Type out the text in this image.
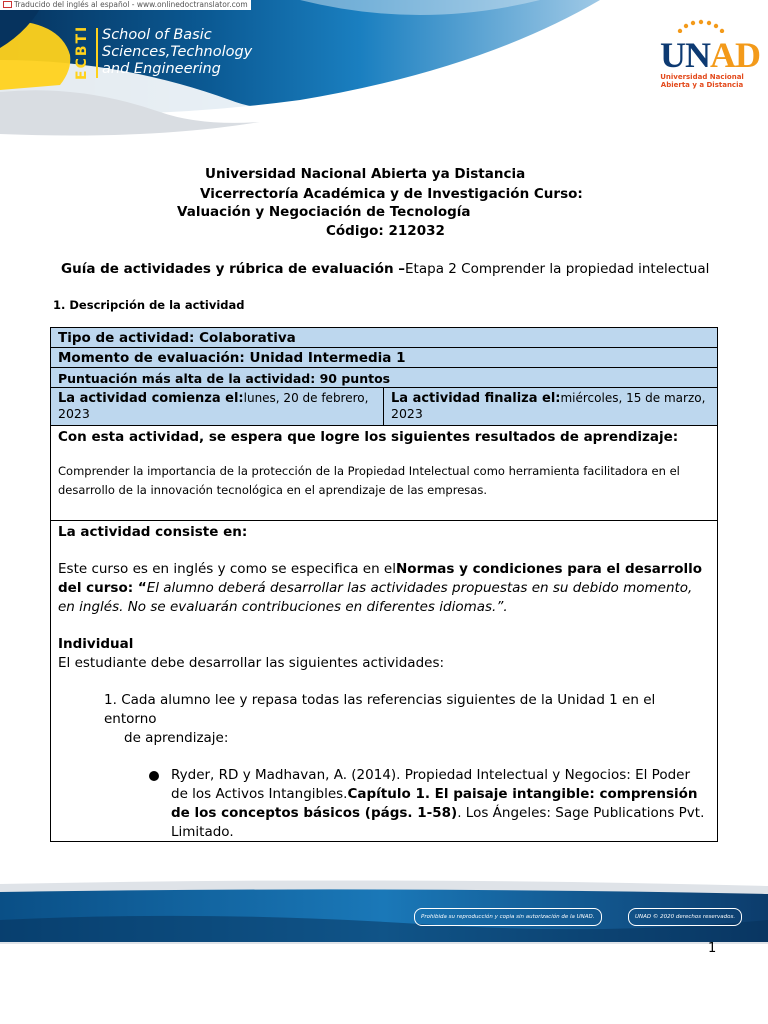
Traducido del inglés al español - www.onlinedoctranslator.com
ECBTI School of Basic
Sciences,Technology
and Engineering	UNAD
Universidad Nacional
Abierta y a Distancia
Universidad Nacional Abierta ya Distancia
Vicerrectoría Académica y de Investigación Curso:
Valuación y Negociación de Tecnología
Código: 212032
Guía de actividades y rúbrica de evaluación –Etapa 2 Comprender la propiedad intelectual
1. Descripción de la actividad
Tipo de actividad: Colaborativa
Momento de evaluación: Unidad Intermedia 1
Puntuación más alta de la actividad: 90 puntos
La actividad comienza el:lunes, 20 de febrero,
2023
La actividad finaliza el:miércoles, 15 de marzo,
2023
Con esta actividad, se espera que logre los siguientes resultados de aprendizaje:
Comprender la importancia de la protección de la Propiedad Intelectual como herramienta facilitadora en el desarrollo de la innovación tecnológica en el aprendizaje de las empresas.
La actividad consiste en:
Este curso es en inglés y como se especifica en elNormas y condiciones para el desarrollo del curso: “El alumno deberá desarrollar las actividades propuestas en su debido momento, en inglés. No se evaluarán contribuciones en diferentes idiomas.”.
Individual
El estudiante debe desarrollar las siguientes actividades:
1. Cada alumno lee y repasa todas las referencias siguientes de la Unidad 1 en el entorno
de aprendizaje:
Ryder, RD y Madhavan, A. (2014). Propiedad Intelectual y Negocios: El Poder de los Activos Intangibles.Capítulo 1. El paisaje intangible: comprensión de los conceptos básicos (págs. 1-58). Los Ángeles: Sage Publications Pvt. Limitado.
Prohibida su reproducción y copia sin autorización de la UNAD.	UNAD © 2020 derechos reservados.
1
